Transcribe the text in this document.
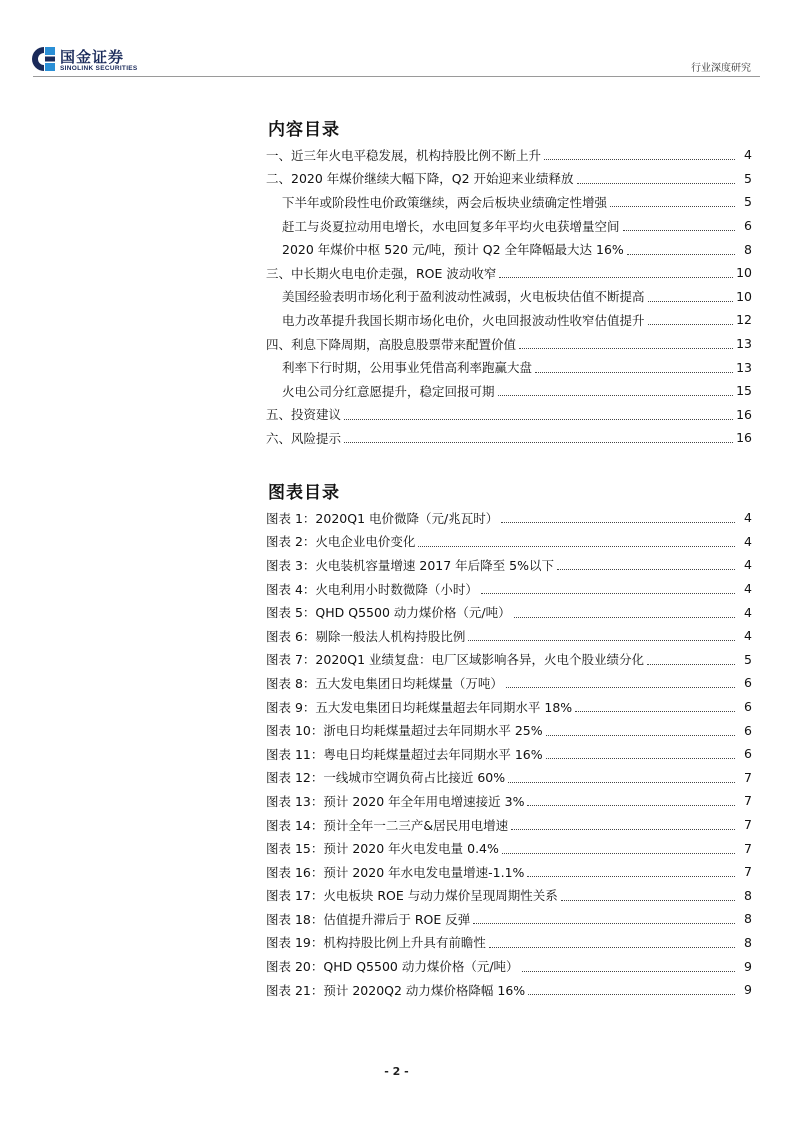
国金证券
SINOLINK SECURITIES	行业深度研究
内容目录
一、近三年火电平稳发展，机构持股比例不断上升	4
二、2020 年煤价继续大幅下降，Q2 开始迎来业绩释放	5
下半年或阶段性电价政策继续，两会后板块业绩确定性增强	5
赶工与炎夏拉动用电增长，水电回复多年平均火电获增量空间	6
2020 年煤价中枢 520 元/吨，预计 Q2 全年降幅最大达 16%	8
三、中长期火电电价走强，ROE 波动收窄	10
美国经验表明市场化利于盈利波动性减弱，火电板块估值不断提高	10
电力改革提升我国长期市场化电价，火电回报波动性收窄估值提升	12
四、利息下降周期，高股息股票带来配置价值	13
利率下行时期，公用事业凭借高利率跑赢大盘	13
火电公司分红意愿提升，稳定回报可期	15
五、投资建议	16
六、风险提示	16
图表目录
图表 1：2020Q1 电价微降（元/兆瓦时）	4
图表 2：火电企业电价变化	4
图表 3：火电装机容量增速 2017 年后降至 5%以下	4
图表 4：火电利用小时数微降（小时）	4
图表 5：QHD Q5500 动力煤价格（元/吨）	4
图表 6：剔除一般法人机构持股比例	4
图表 7：2020Q1 业绩复盘：电厂区域影响各异，火电个股业绩分化	5
图表 8：五大发电集团日均耗煤量（万吨）	6
图表 9：五大发电集团日均耗煤量超去年同期水平 18%	6
图表 10：浙电日均耗煤量超过去年同期水平 25%	6
图表 11：粤电日均耗煤量超过去年同期水平 16%	6
图表 12：一线城市空调负荷占比接近 60%	7
图表 13：预计 2020 年全年用电增速接近 3%	7
图表 14：预计全年一二三产&居民用电增速	7
图表 15：预计 2020 年火电发电量 0.4%	7
图表 16：预计 2020 年水电发电量增速-1.1%	7
图表 17：火电板块 ROE 与动力煤价呈现周期性关系	8
图表 18：估值提升滞后于 ROE 反弹	8
图表 19：机构持股比例上升具有前瞻性	8
图表 20：QHD Q5500 动力煤价格（元/吨）	9
图表 21：预计 2020Q2 动力煤价格降幅 16%	9
- 2 -
